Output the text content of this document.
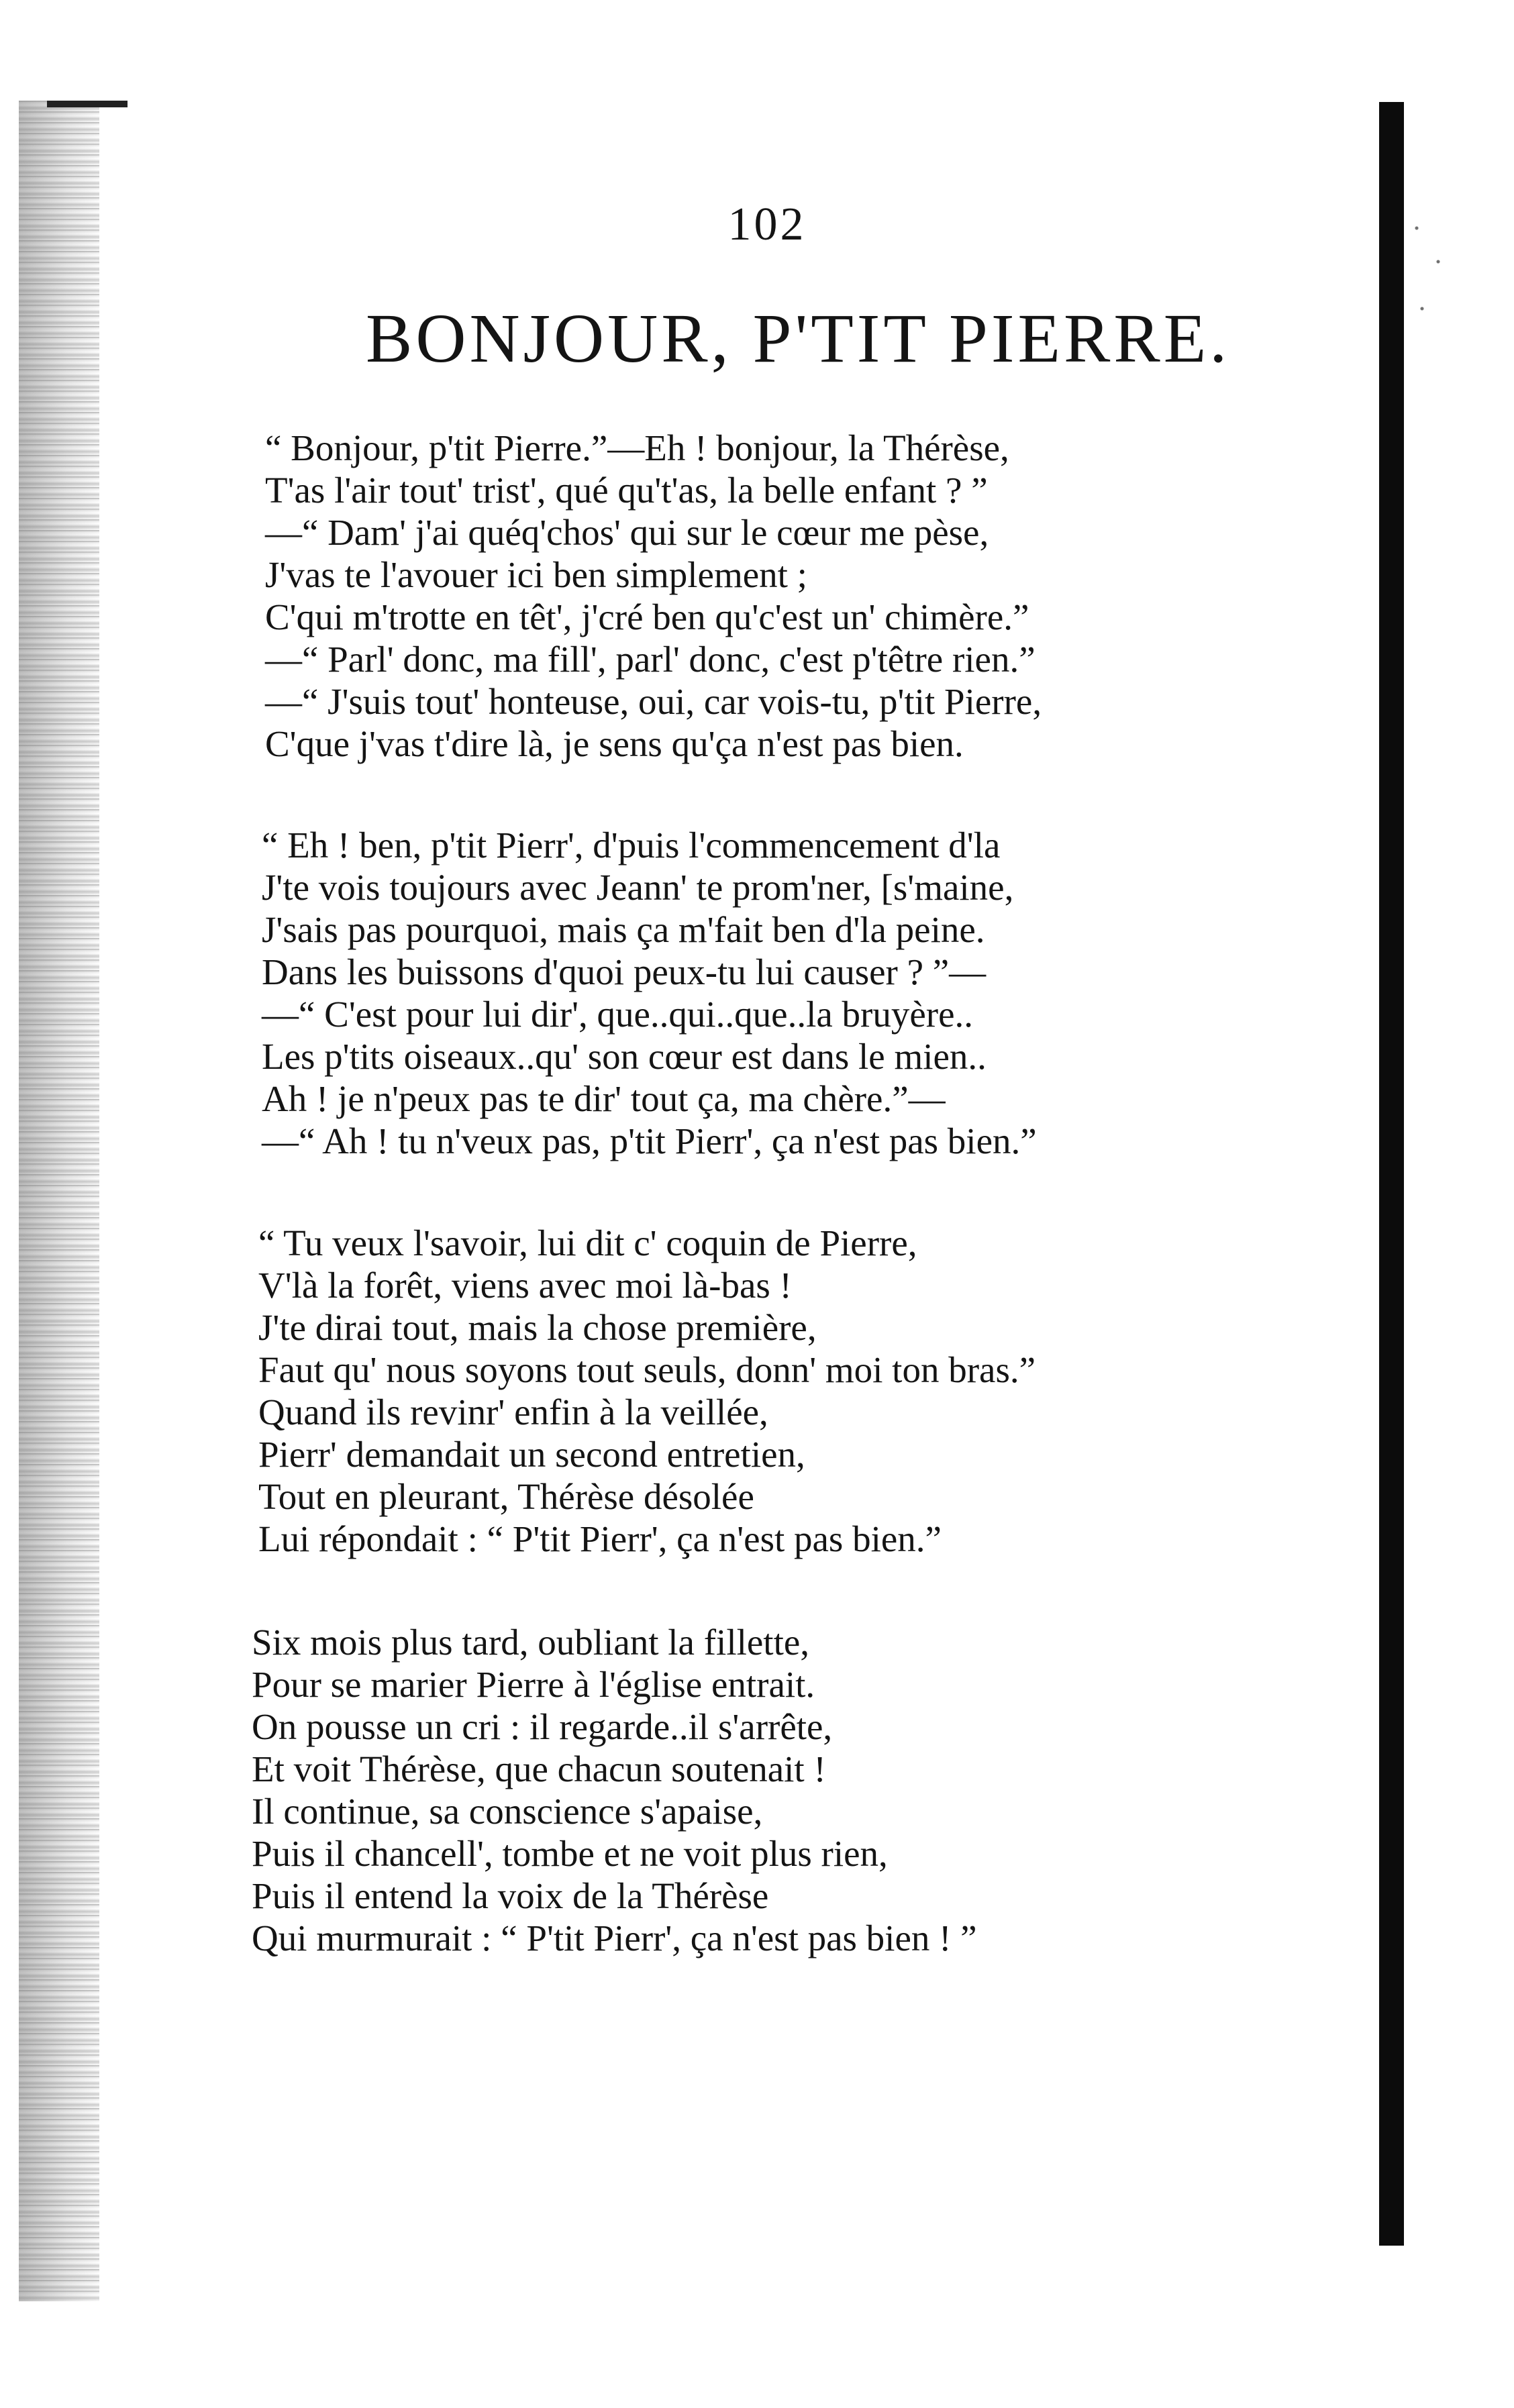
102
BONJOUR, P'TIT PIERRE.
“ Bonjour, p'tit Pierre.”—Eh ! bonjour, la Thérèse,
T'as l'air tout' trist', qué qu't'as, la belle enfant ? ”
—“ Dam' j'ai quéq'chos' qui sur le cœur me pèse,
J'vas te l'avouer ici ben simplement ;
C'qui m'trotte en têt', j'cré ben qu'c'est un' chimère.”
—“ Parl' donc, ma fill', parl' donc, c'est p'têtre rien.”
—“ J'suis tout' honteuse, oui, car vois-tu, p'tit Pierre,
C'que j'vas t'dire là, je sens qu'ça n'est pas bien.
“ Eh ! ben, p'tit Pierr', d'puis l'commencement d'la
J'te vois toujours avec Jeann' te prom'ner, [s'maine,
J'sais pas pourquoi, mais ça m'fait ben d'la peine.
Dans les buissons d'quoi peux-tu lui causer ? ”—
—“ C'est pour lui dir', que..qui..que..la bruyère..
Les p'tits oiseaux..qu' son cœur est dans le mien..
Ah ! je n'peux pas te dir' tout ça, ma chère.”—
—“ Ah ! tu n'veux pas, p'tit Pierr', ça n'est pas bien.”
“ Tu veux l'savoir, lui dit c' coquin de Pierre,
V'là la forêt, viens avec moi là-bas !
J'te dirai tout, mais la chose première,
Faut qu' nous soyons tout seuls, donn' moi ton bras.”
Quand ils revinr' enfin à la veillée,
Pierr' demandait un second entretien,
Tout en pleurant, Thérèse désolée
Lui répondait : “ P'tit Pierr', ça n'est pas bien.”
Six mois plus tard, oubliant la fillette,
Pour se marier Pierre à l'église entrait.
On pousse un cri : il regarde..il s'arrête,
Et voit Thérèse, que chacun soutenait !
Il continue, sa conscience s'apaise,
Puis il chancell', tombe et ne voit plus rien,
Puis il entend la voix de la Thérèse
Qui murmurait : “ P'tit Pierr', ça n'est pas bien ! ”
